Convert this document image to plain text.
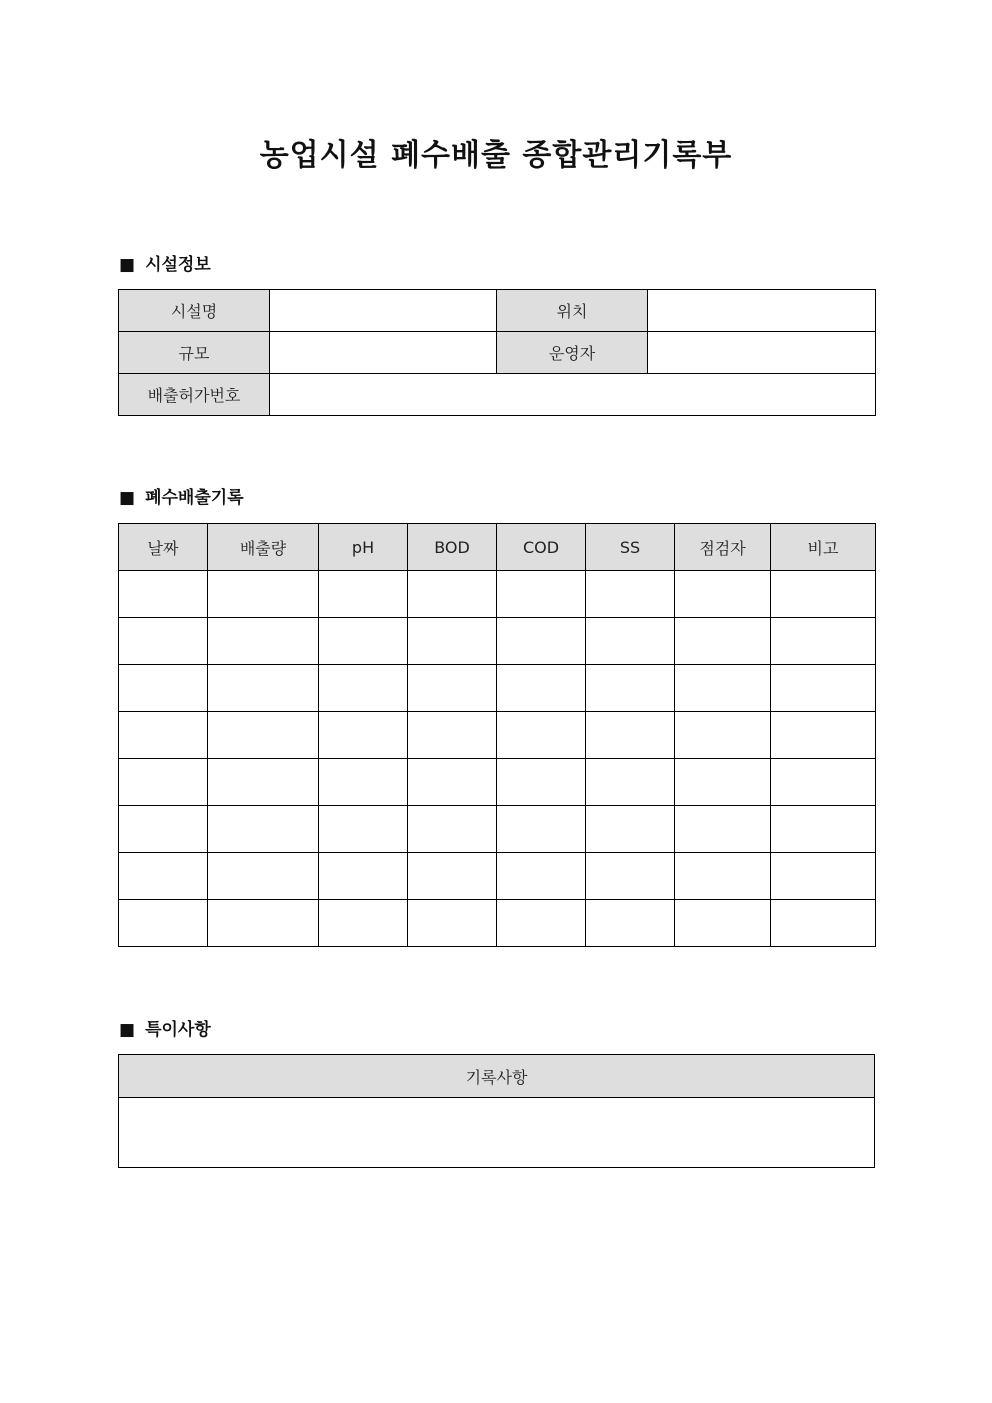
농업시설 폐수배출 종합관리기록부
■ 시설정보
시설명		위치	
규모		운영자	
배출허가번호			
■ 폐수배출기록
날짜	배출량	pH	BOD	COD	SS	점검자	비고

■ 특이사항
기록사항
